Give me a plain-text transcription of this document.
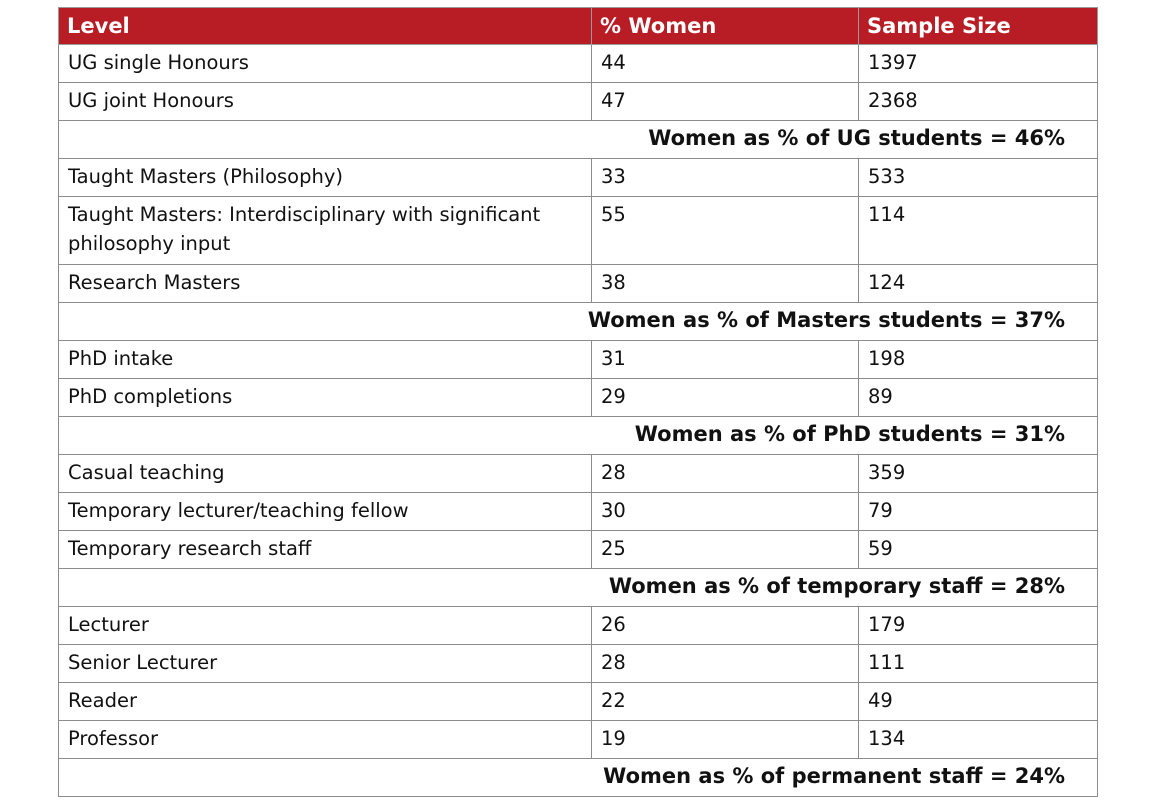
Level	% Women	Sample Size
UG single Honours	44	1397
UG joint Honours	47	2368
Women as % of UG students = 46%		
Taught Masters (Philosophy)	33	533
Taught Masters: Interdisciplinary with significant philosophy input	55	114
Research Masters	38	124
Women as % of Masters students = 37%		
PhD intake	31	198
PhD completions	29	89
Women as % of PhD students = 31%		
Casual teaching	28	359
Temporary lecturer/teaching fellow	30	79
Temporary research staff	25	59
Women as % of temporary staff = 28%		
Lecturer	26	179
Senior Lecturer	28	111
Reader	22	49
Professor	19	134
Women as % of permanent staff = 24%		
